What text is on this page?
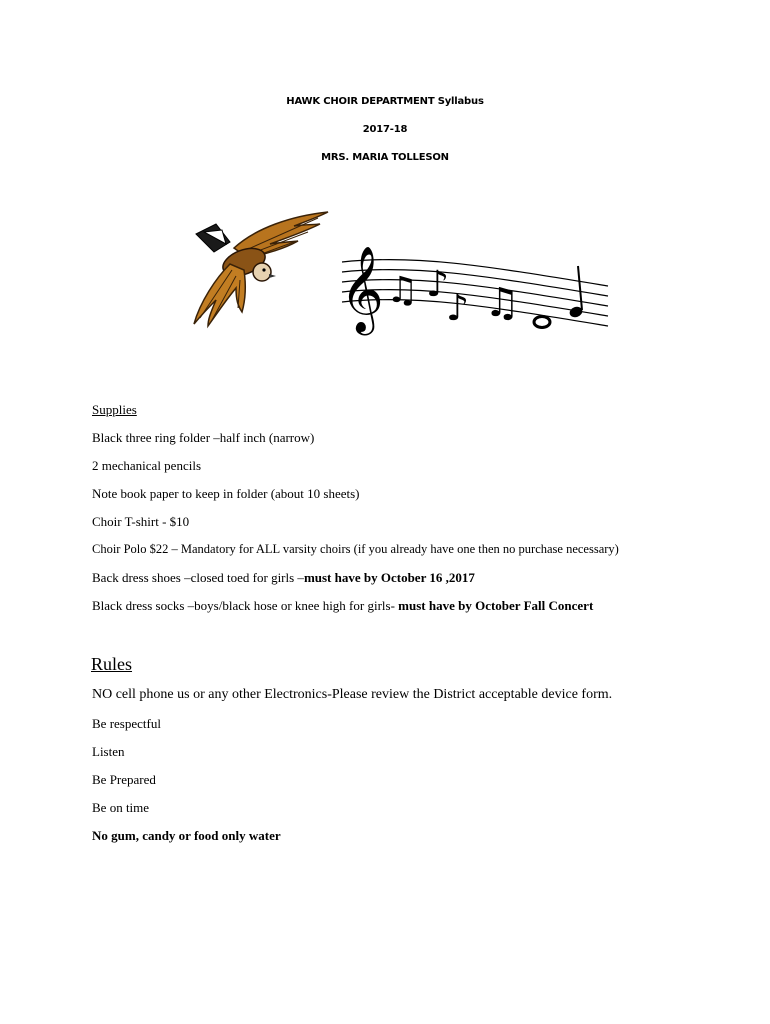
HAWK CHOIR DEPARTMENT Syllabus
2017-18
MRS. MARIA TOLLESON
𝄞 ♫ ♪
♪ ♫
Supplies
Black three ring folder –half inch (narrow)
2 mechanical pencils
Note book paper to keep in folder (about 10 sheets)
Choir T-shirt - $10
Choir Polo $22 – Mandatory for ALL varsity choirs (if you already have one then no purchase necessary)
Back dress shoes –closed toed for girls –must have by October 16 ,2017
Black dress socks –boys/black hose or knee high for girls- must have by October Fall Concert
Rules
NO cell phone us or any other Electronics-Please review the District acceptable device form.
Be respectful
Listen
Be Prepared
Be on time
No gum, candy or food only water
